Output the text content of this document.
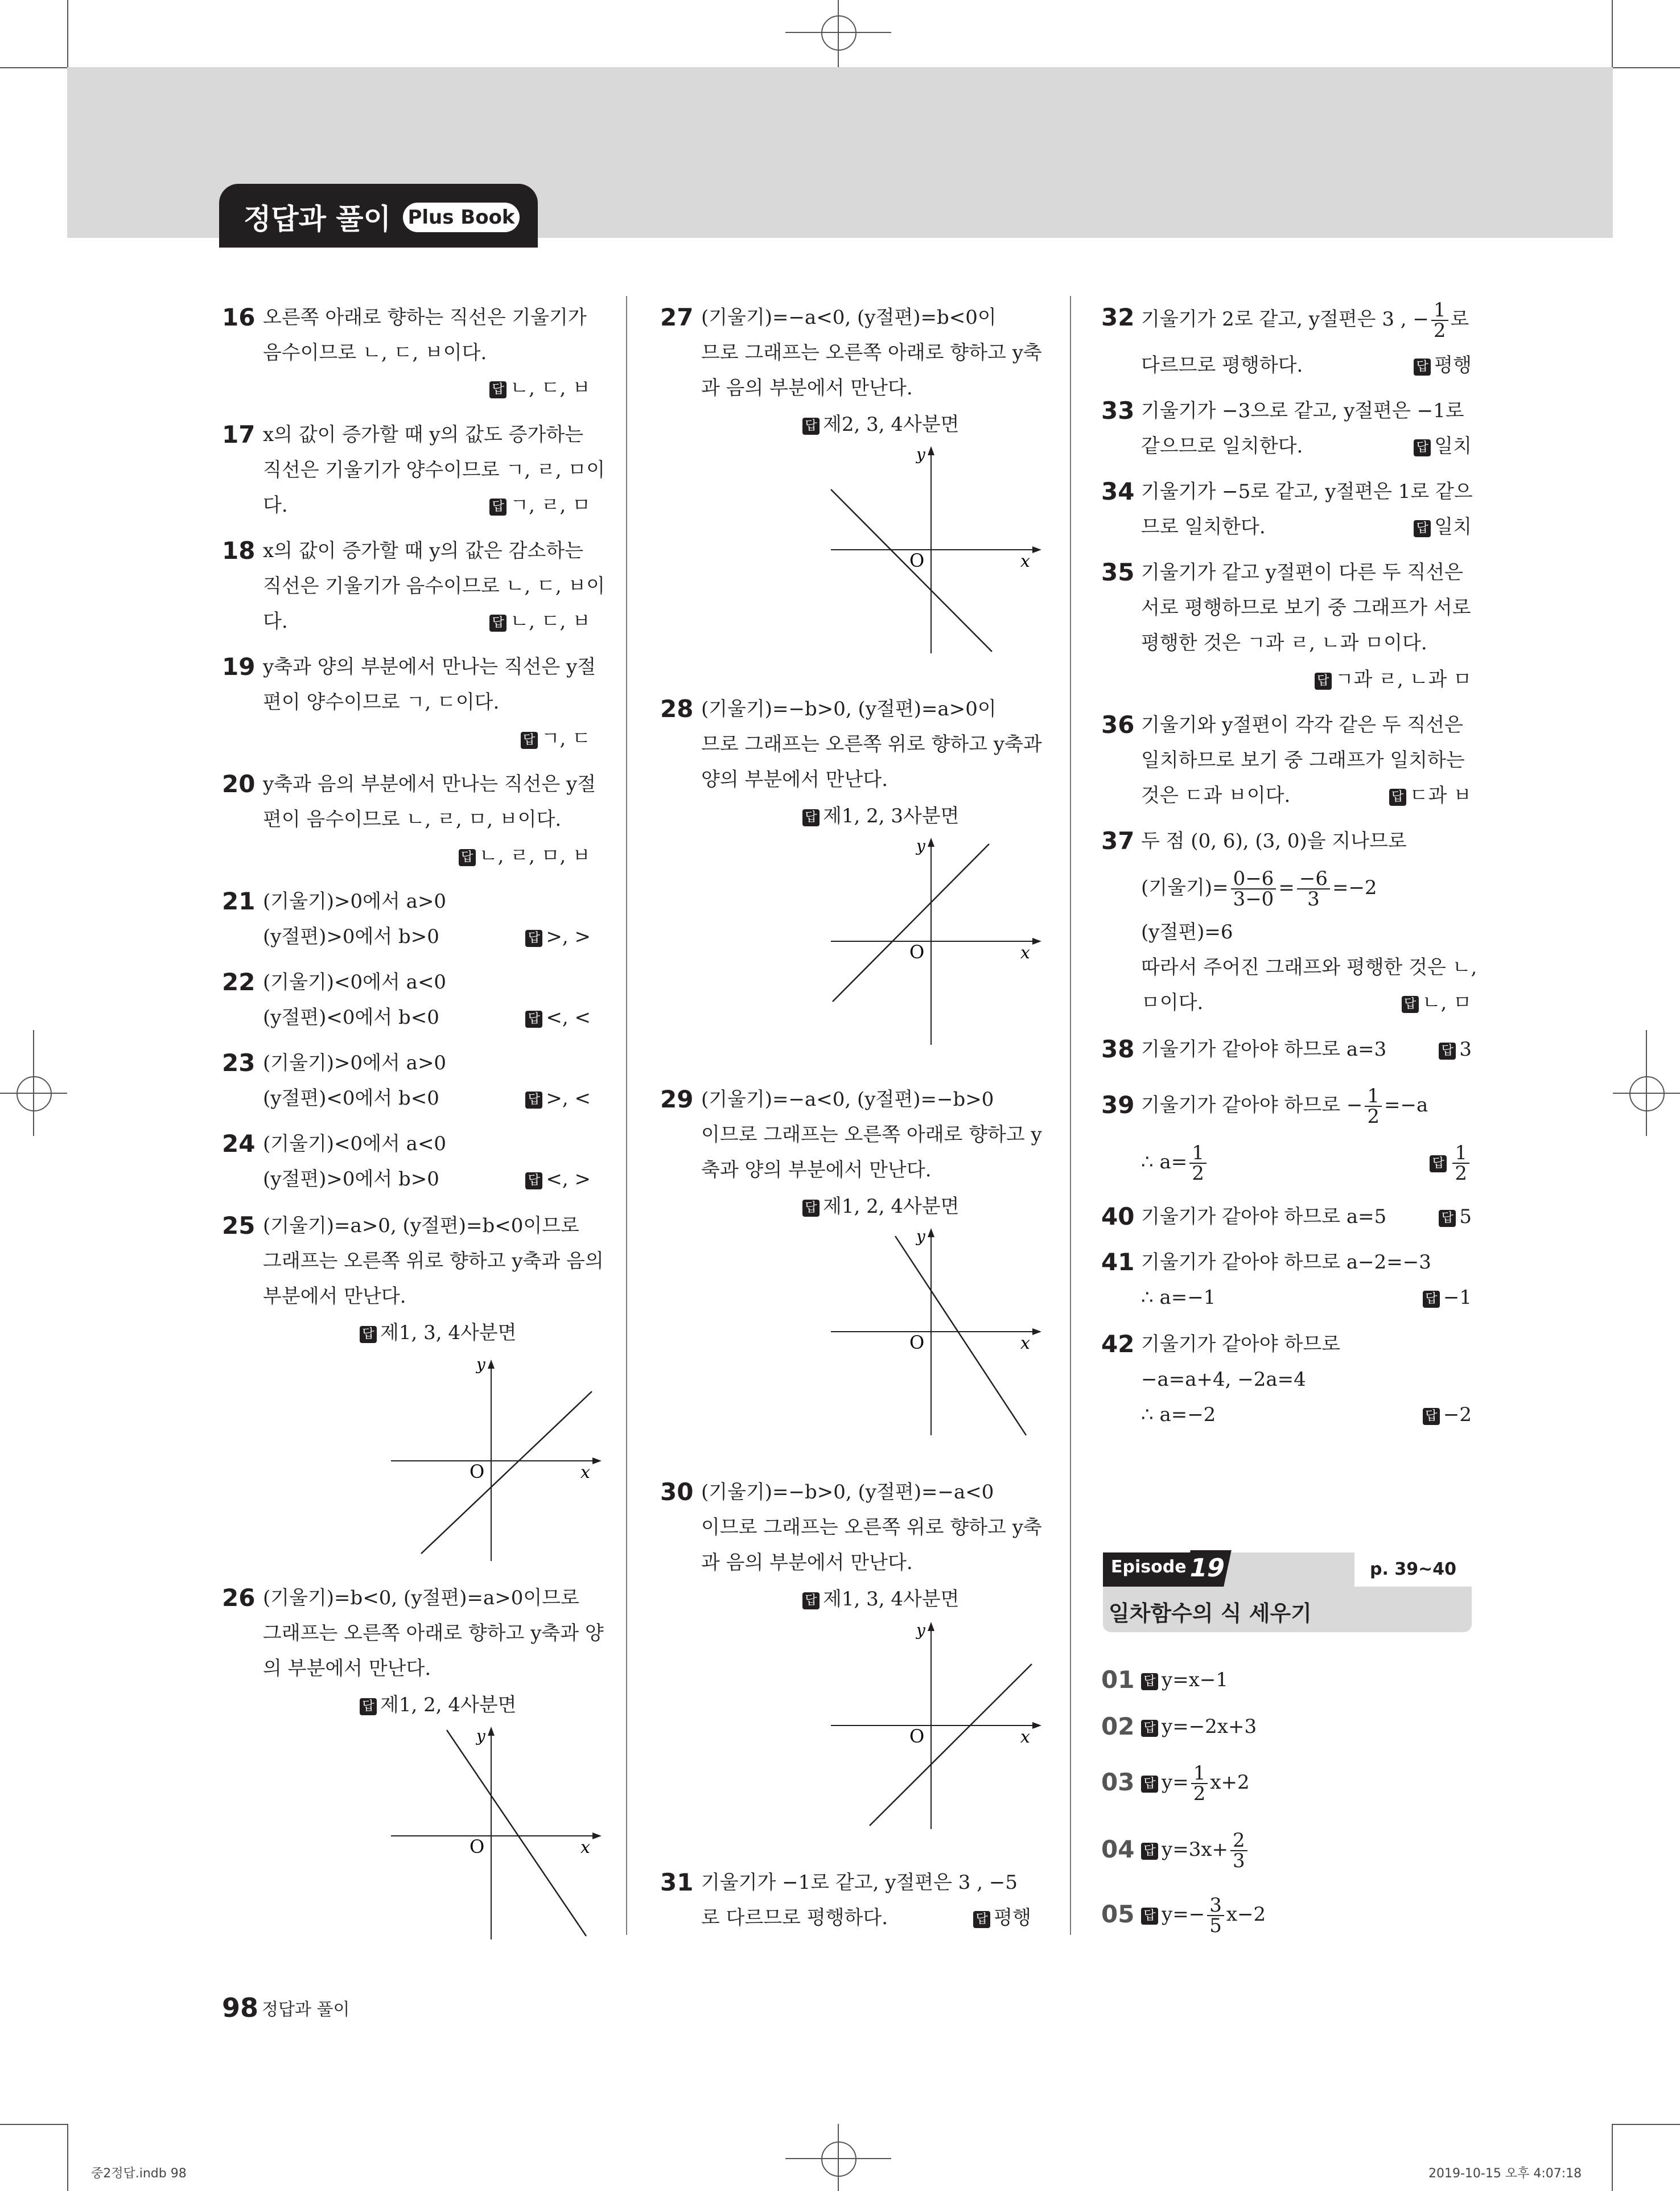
정답과 풀이 Plus Book
16 오른쪽 아래로 향하는 직선은 기울기가
음수이므로 ㄴ, ㄷ, ㅂ이다.
답 ㄴ, ㄷ, ㅂ
17 x의 값이 증가할 때 y의 값도 증가하는
직선은 기울기가 양수이므로 ㄱ, ㄹ, ㅁ이
다.	답 ㄱ, ㄹ, ㅁ
18 x의 값이 증가할 때 y의 값은 감소하는
직선은 기울기가 음수이므로 ㄴ, ㄷ, ㅂ이
다.	답 ㄴ, ㄷ, ㅂ
19 y축과 양의 부분에서 만나는 직선은 y절
편이 양수이므로 ㄱ, ㄷ이다.
답 ㄱ, ㄷ
20 y축과 음의 부분에서 만나는 직선은 y절
편이 음수이므로 ㄴ, ㄹ, ㅁ, ㅂ이다.
답 ㄴ, ㄹ, ㅁ, ㅂ
21 (기울기)>0에서 a>0
(y절편)>0에서 b>0	답 >, >
22 (기울기)<0에서 a<0
(y절편)<0에서 b<0	답 <, <
23 (기울기)>0에서 a>0
(y절편)<0에서 b<0	답 >, <
24 (기울기)<0에서 a<0
(y절편)>0에서 b>0	답 <, >
25 (기울기)=a>0, (y절편)=b<0이므로
그래프는 오른쪽 위로 향하고 y축과 음의
부분에서 만난다.
답 제1, 3, 4사분면
O	x
y
26 (기울기)=b<0, (y절편)=a>0이므로
그래프는 오른쪽 아래로 향하고 y축과 양
의 부분에서 만난다.
답 제1, 2, 4사분면
O	x
y
27 (기울기)=−a<0, (y절편)=b<0이
므로 그래프는 오른쪽 아래로 향하고 y축
과 음의 부분에서 만난다.
답 제2, 3, 4사분면
O	x
y
28 (기울기)=−b>0, (y절편)=a>0이
므로 그래프는 오른쪽 위로 향하고 y축과
양의 부분에서 만난다.
답 제1, 2, 3사분면
O	x
y
29 (기울기)=−a<0, (y절편)=−b>0
이므로 그래프는 오른쪽 아래로 향하고 y
축과 양의 부분에서 만난다.
답 제1, 2, 4사분면
O	x
y
30 (기울기)=−b>0, (y절편)=−a<0
이므로 그래프는 오른쪽 위로 향하고 y축
과 음의 부분에서 만난다.
답 제1, 3, 4사분면
O	x
y
31 기울기가 −1로 같고, y절편은 3 , −5
로 다르므로 평행하다.	답 평행
32 기울기가 2로 같고, y절편은 3 , − $\frac{1}{2}$ 로
다르므로 평행하다.	답 평행
33 기울기가 −3으로 같고, y절편은 −1로
같으므로 일치한다.	답 일치
34 기울기가 −5로 같고, y절편은 1로 같으
므로 일치한다.	답 일치
35 기울기가 같고 y절편이 다른 두 직선은
서로 평행하므로 보기 중 그래프가 서로
평행한 것은 ㄱ과 ㄹ, ㄴ과 ㅁ이다.
답 ㄱ과 ㄹ, ㄴ과 ㅁ
36 기울기와 y절편이 각각 같은 두 직선은
일치하므로 보기 중 그래프가 일치하는
것은 ㄷ과 ㅂ이다.	답 ㄷ과 ㅂ
37 두 점 (0, 6), (3, 0)을 지나므로
(기울기)= $\frac{0-6}{3-0} = \frac{-6}{3} =-2$
(y절편)=6
따라서 주어진 그래프와 평행한 것은 ㄴ,
ㅁ이다.	답 ㄴ, ㅁ
38 기울기가 같아야 하므로 a=3	답 3
39 기울기가 같아야 하므로 − $\frac{1}{2} =-a$
∴ $a= \frac{1}{2}$	답 $\frac{1}{2}$
40 기울기가 같아야 하므로 a=5	답 5
41 기울기가 같아야 하므로 a−2=−3
∴ a=−1	답 −1
42 기울기가 같아야 하므로
−a=a+4, −2a=4
∴ a=−2	답 −2
Episode 19	p. 39~40
일차함수의 식 세우기
01 답 y=x−1
02 답 y=−2x+3
03 답 $y= \frac{1}{2} x+2$
04 답 $y=3x+ \frac{2}{3}$
05 답 $y=- \frac{3}{5} x-2$
98 정답과 풀이
중2정답.indb 98	2019-10-15 오후 4:07:18
